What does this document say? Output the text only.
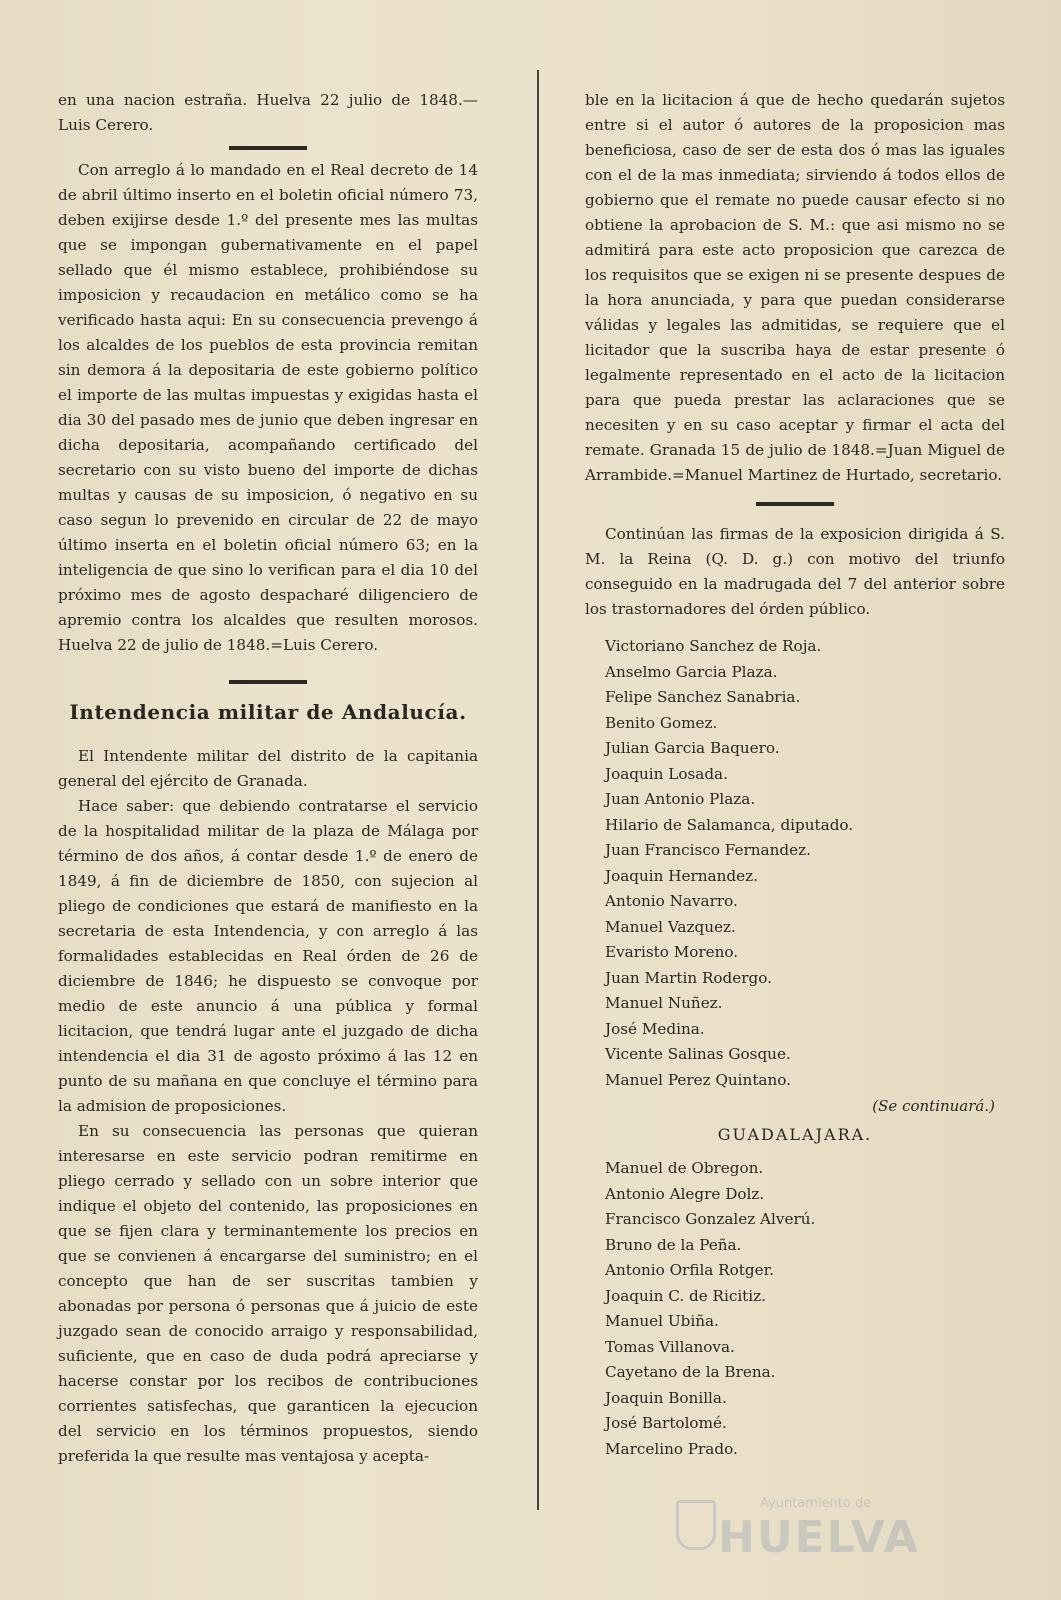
en una nacion estraña. Huelva 22 julio de 1848.— Luis Cerero.

Con arreglo á lo mandado en el Real decreto de 14 de abril último inserto en el boletin oficial número 73, deben exijirse desde 1.º del presente mes las multas que se impongan gubernativamente en el papel sellado que él mismo establece, prohibiéndose su imposicion y recaudacion en metálico como se ha verificado hasta aqui: En su consecuencia prevengo á los alcaldes de los pueblos de esta provincia remitan sin demora á la depositaria de este gobierno político el importe de las multas impuestas y exigidas hasta el dia 30 del pasado mes de junio que deben ingresar en dicha depositaria, acompañando certificado del secretario con su visto bueno del importe de dichas multas y causas de su imposicion, ó negativo en su caso segun lo prevenido en circular de 22 de mayo último inserta en el boletin oficial número 63; en la inteligencia de que sino lo verifican para el dia 10 del próximo mes de agosto despacharé diligenciero de apremio contra los alcaldes que resulten morosos. Huelva 22 de julio de 1848.=Luis Cerero.

Intendencia militar de Andalucía.

El Intendente militar del distrito de la capitania general del ejército de Granada.

Hace saber: que debiendo contratarse el servicio de la hospitalidad militar de la plaza de Málaga por término de dos años, á contar desde 1.º de enero de 1849, á fin de diciembre de 1850, con sujecion al pliego de condiciones que estará de manifiesto en la secretaria de esta Intendencia, y con arreglo á las formalidades establecidas en Real órden de 26 de diciembre de 1846; he dispuesto se convoque por medio de este anuncio á una pública y formal licitacion, que tendrá lugar ante el juzgado de dicha intendencia el dia 31 de agosto próximo á las 12 en punto de su mañana en que concluye el término para la admision de proposiciones.

En su consecuencia las personas que quieran interesarse en este servicio podran remitirme en pliego cerrado y sellado con un sobre interior que indique el objeto del contenido, las proposiciones en que se fijen clara y terminantemente los precios en que se convienen á encargarse del suministro; en el concepto que han de ser suscritas tambien y abonadas por persona ó personas que á juicio de este juzgado sean de conocido arraigo y responsabilidad, suficiente, que en caso de duda podrá apreciarse y hacerse constar por los recibos de contribuciones corrientes satisfechas, que garanticen la ejecucion del servicio en los términos propuestos, siendo preferida la que resulte mas ventajosa y acepta-

ble en la licitacion á que de hecho quedarán sujetos entre si el autor ó autores de la proposicion mas beneficiosa, caso de ser de esta dos ó mas las iguales con el de la mas inmediata; sirviendo á todos ellos de gobierno que el remate no puede causar efecto si no obtiene la aprobacion de S. M.: que asi mismo no se admitirá para este acto proposicion que carezca de los requisitos que se exigen ni se presente despues de la hora anunciada, y para que puedan considerarse válidas y legales las admitidas, se requiere que el licitador que la suscriba haya de estar presente ó legalmente representado en el acto de la licitacion para que pueda prestar las aclaraciones que se necesiten y en su caso aceptar y firmar el acta del remate. Granada 15 de julio de 1848.=Juan Miguel de Arrambide.=Manuel Martinez de Hurtado, secretario.

Continúan las firmas de la exposicion dirigida á S. M. la Reina (Q. D. g.) con motivo del triunfo conseguido en la madrugada del 7 del anterior sobre los trastornadores del órden público.

Victoriano Sanchez de Roja.
Anselmo Garcia Plaza.
Felipe Sanchez Sanabria.
Benito Gomez.
Julian Garcia Baquero.
Joaquin Losada.
Juan Antonio Plaza.
Hilario de Salamanca, diputado.
Juan Francisco Fernandez.
Joaquin Hernandez.
Antonio Navarro.
Manuel Vazquez.
Evaristo Moreno.
Juan Martin Rodergo.
Manuel Nuñez.
José Medina.
Vicente Salinas Gosque.
Manuel Perez Quintano.
(Se continuará.)
GUADALAJARA.
Manuel de Obregon.
Antonio Alegre Dolz.
Francisco Gonzalez Alverú.
Bruno de la Peña.
Antonio Orfila Rotger.
Joaquin C. de Ricitiz.
Manuel Ubiña.
Tomas Villanova.
Cayetano de la Brena.
Joaquin Bonilla.
José Bartolomé.
Marcelino Prado.
Ayuntamiento de
HUELVA
